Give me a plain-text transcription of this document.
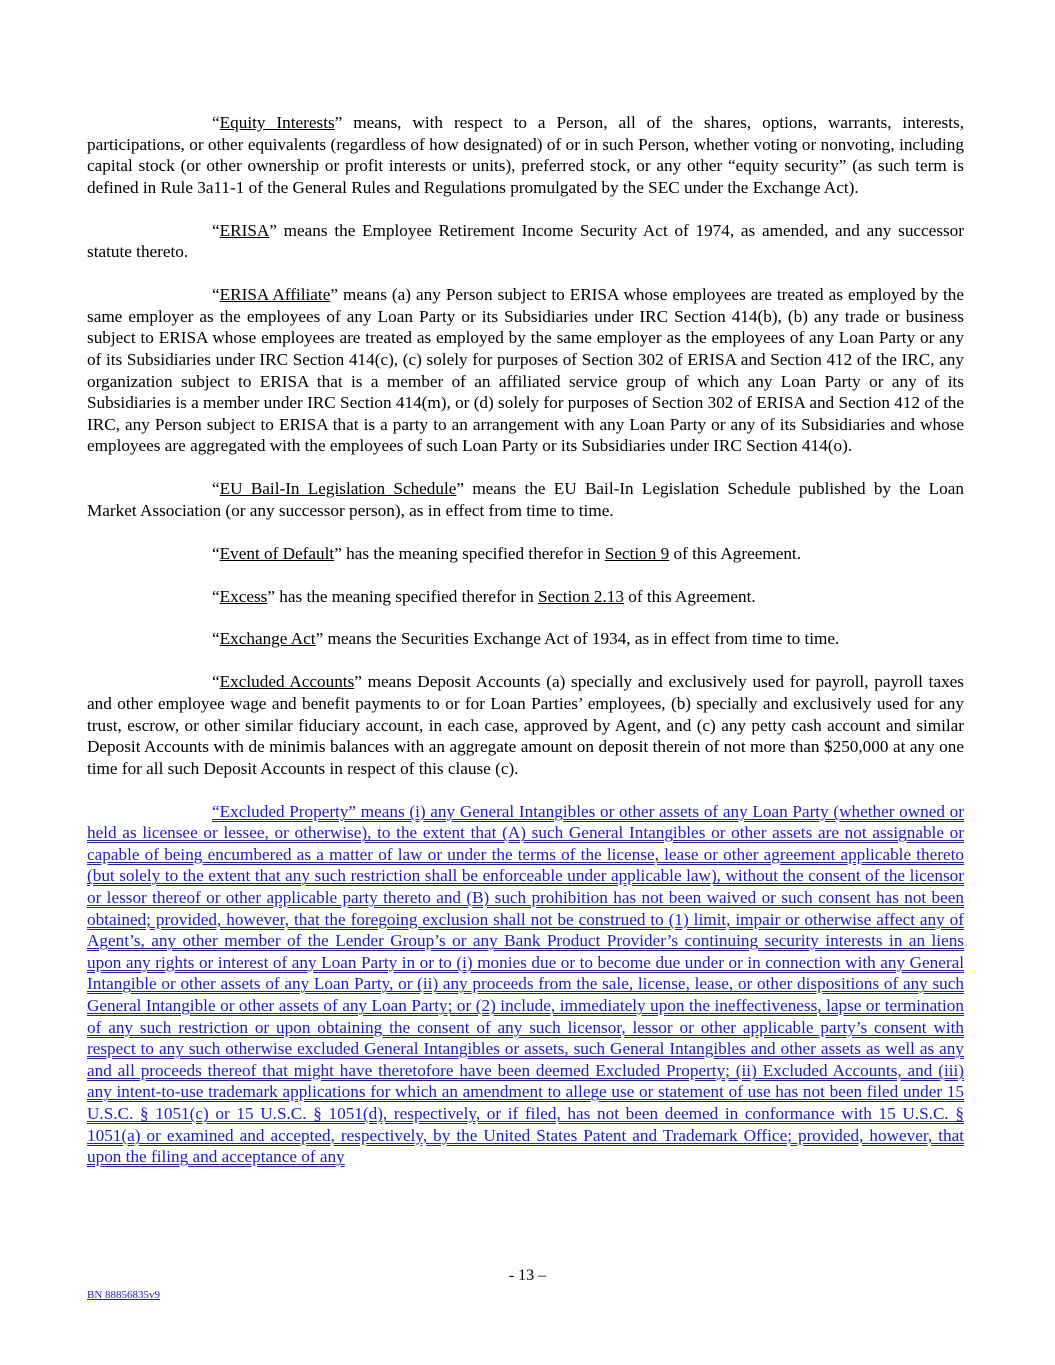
“Equity Interests” means, with respect to a Person, all of the shares, options, warrants, interests, participations, or other equivalents (regardless of how designated) of or in such Person, whether voting or nonvoting, including capital stock (or other ownership or profit interests or units), preferred stock, or any other “equity security” (as such term is defined in Rule 3a11-1 of the General Rules and Regulations promulgated by the SEC under the Exchange Act).

“ERISA” means the Employee Retirement Income Security Act of 1974, as amended, and any successor statute thereto.

“ERISA Affiliate” means (a) any Person subject to ERISA whose employees are treated as employed by the same employer as the employees of any Loan Party or its Subsidiaries under IRC Section 414(b), (b) any trade or business subject to ERISA whose employees are treated as employed by the same employer as the employees of any Loan Party or any of its Subsidiaries under IRC Section 414(c), (c) solely for purposes of Section 302 of ERISA and Section 412 of the IRC, any organization subject to ERISA that is a member of an affiliated service group of which any Loan Party or any of its Subsidiaries is a member under IRC Section 414(m), or (d) solely for purposes of Section 302 of ERISA and Section 412 of the IRC, any Person subject to ERISA that is a party to an arrangement with any Loan Party or any of its Subsidiaries and whose employees are aggregated with the employees of such Loan Party or its Subsidiaries under IRC Section 414(o).

“EU Bail-In Legislation Schedule” means the EU Bail-In Legislation Schedule published by the Loan Market Association (or any successor person), as in effect from time to time.

“Event of Default” has the meaning specified therefor in Section 9 of this Agreement.

“Excess” has the meaning specified therefor in Section 2.13 of this Agreement.

“Exchange Act” means the Securities Exchange Act of 1934, as in effect from time to time.

“Excluded Accounts” means Deposit Accounts (a) specially and exclusively used for payroll, payroll taxes and other employee wage and benefit payments to or for Loan Parties’ employees, (b) specially and exclusively used for any trust, escrow, or other similar fiduciary account, in each case, approved by Agent, and (c) any petty cash account and similar Deposit Accounts with de minimis balances with an aggregate amount on deposit therein of not more than $250,000 at any one time for all such Deposit Accounts in respect of this clause (c).

“Excluded Property” means (i) any General Intangibles or other assets of any Loan Party (whether owned or held as licensee or lessee, or otherwise), to the extent that (A) such General Intangibles or other assets are not assignable or capable of being encumbered as a matter of law or under the terms of the license, lease or other agreement applicable thereto (but solely to the extent that any such restriction shall be enforceable under applicable law), without the consent of the licensor or lessor thereof or other applicable party thereto and (B) such prohibition has not been waived or such consent has not been obtained; provided, however, that the foregoing exclusion shall not be construed to (1) limit, impair or otherwise affect any of Agent’s, any other member of the Lender Group’s or any Bank Product Provider’s continuing security interests in an liens upon any rights or interest of any Loan Party in or to (i) monies due or to become due under or in connection with any General Intangible or other assets of any Loan Party, or (ii) any proceeds from the sale, license, lease, or other dispositions of any such General Intangible or other assets of any Loan Party; or (2) include, immediately upon the ineffectiveness, lapse or termination of any such restriction or upon obtaining the consent of any such licensor, lessor or other applicable party’s consent with respect to any such otherwise excluded General Intangibles or assets, such General Intangibles and other assets as well as any and all proceeds thereof that might have theretofore have been deemed Excluded Property; (ii) Excluded Accounts, and (iii) any intent-to-use trademark applications for which an amendment to allege use or statement of use has not been filed under 15 U.S.C. § 1051(c) or 15 U.S.C. § 1051(d), respectively, or if filed, has not been deemed in conformance with 15 U.S.C. § 1051(a) or examined and accepted, respectively, by the United States Patent and Trademark Office; provided, however, that upon the filing and acceptance of any

- 13 –
BN 88856835v9
